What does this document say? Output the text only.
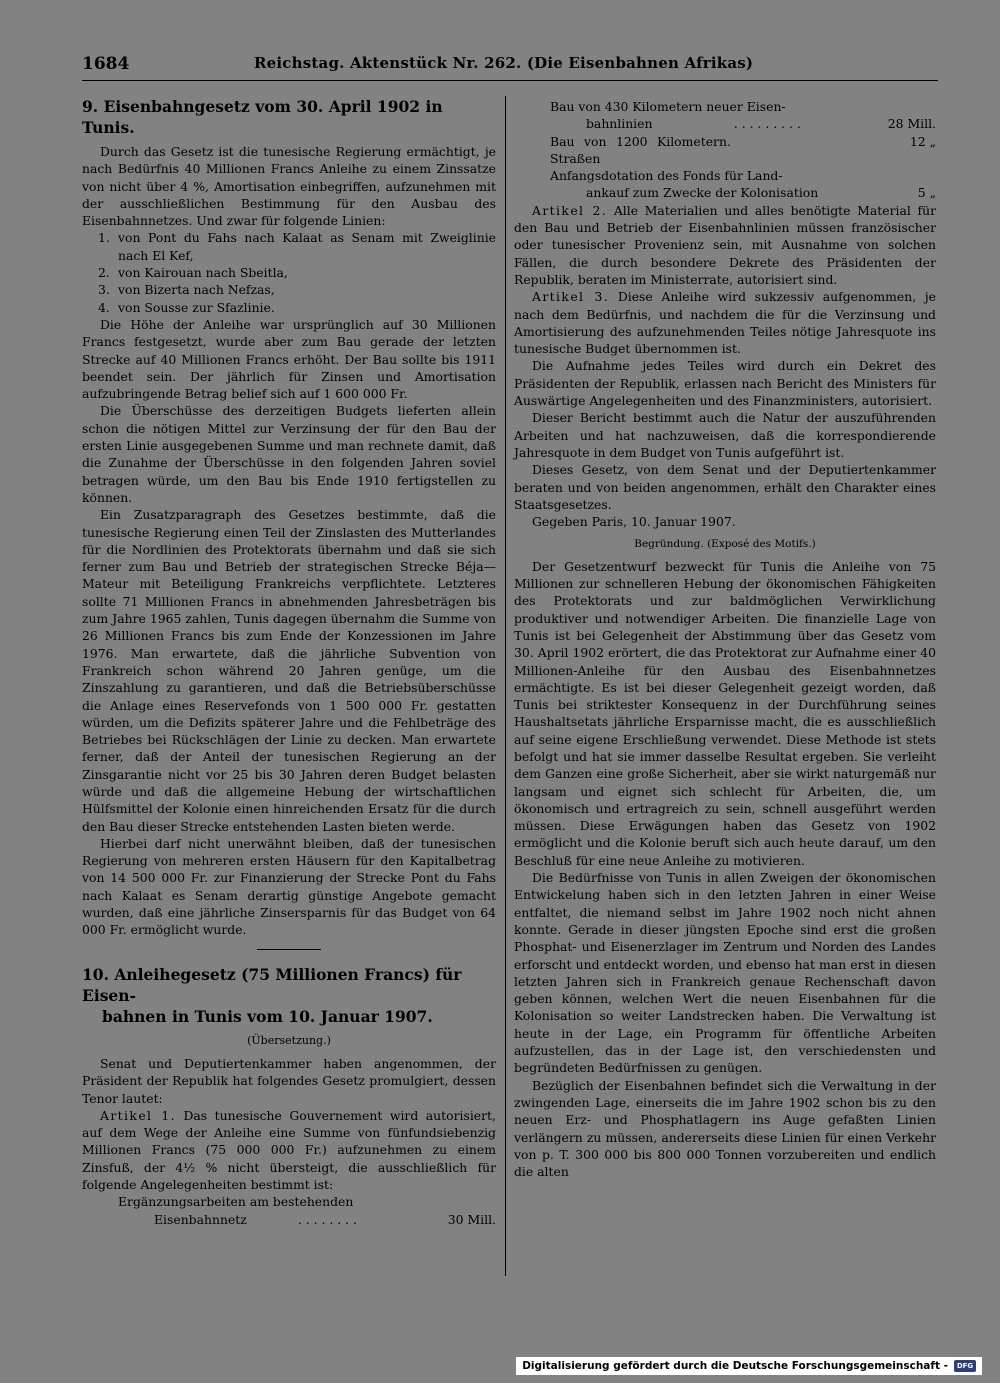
1684	Reichstag. Aktenstück Nr. 262. (Die Eisenbahnen Afrikas)
9. Eisenbahngesetz vom 30. April 1902 in Tunis.

Durch das Gesetz ist die tunesische Regierung ermächtigt, je nach Bedürfnis 40 Millionen Francs Anleihe zu einem Zinssatze von nicht über 4 %, Amortisation einbegriffen, aufzunehmen mit der ausschließlichen Bestimmung für den Ausbau des Eisenbahnnetzes. Und zwar für folgende Linien:

1. von Pont du Fahs nach Kalaat as Senam mit Zweiglinie nach El Kef,
2. von Kairouan nach Sbeitla,
3. von Bizerta nach Nefzas,
4. von Sousse zur Sfazlinie.

Die Höhe der Anleihe war ursprünglich auf 30 Millionen Francs festgesetzt, wurde aber zum Bau gerade der letzten Strecke auf 40 Millionen Francs erhöht. Der Bau sollte bis 1911 beendet sein. Der jährlich für Zinsen und Amortisation aufzubringende Betrag belief sich auf 1 600 000 Fr.

Die Überschüsse des derzeitigen Budgets lieferten allein schon die nötigen Mittel zur Verzinsung der für den Bau der ersten Linie ausgegebenen Summe und man rechnete damit, daß die Zunahme der Überschüsse in den folgenden Jahren soviel betragen würde, um den Bau bis Ende 1910 fertigstellen zu können.

Ein Zusatzparagraph des Gesetzes bestimmte, daß die tunesische Regierung einen Teil der Zinslasten des Mutterlandes für die Nordlinien des Protektorats übernahm und daß sie sich ferner zum Bau und Betrieb der strategischen Strecke Béja—Mateur mit Beteiligung Frankreichs verpflichtete. Letzteres sollte 71 Millionen Francs in abnehmenden Jahresbeträgen bis zum Jahre 1965 zahlen, Tunis dagegen übernahm die Summe von 26 Millionen Francs bis zum Ende der Konzessionen im Jahre 1976. Man erwartete, daß die jährliche Subvention von Frankreich schon während 20 Jahren genüge, um die Zinszahlung zu garantieren, und daß die Betriebsüberschüsse die Anlage eines Reservefonds von 1 500 000 Fr. gestatten würden, um die Defizits späterer Jahre und die Fehlbeträge des Betriebes bei Rückschlägen der Linie zu decken. Man erwartete ferner, daß der Anteil der tunesischen Regierung an der Zinsgarantie nicht vor 25 bis 30 Jahren deren Budget belasten würde und daß die allgemeine Hebung der wirtschaftlichen Hülfsmittel der Kolonie einen hinreichenden Ersatz für die durch den Bau dieser Strecke entstehenden Lasten bieten werde.

Hierbei darf nicht unerwähnt bleiben, daß der tunesischen Regierung von mehreren ersten Häusern für den Kapitalbetrag von 14 500 000 Fr. zur Finanzierung der Strecke Pont du Fahs nach Kalaat es Senam derartig günstige Angebote gemacht wurden, daß eine jährliche Zinsersparnis für das Budget von 64 000 Fr. ermöglicht wurde.

10. Anleihegesetz (75 Millionen Francs) für Eisen-
bahnen in Tunis vom 10. Januar 1907.
(Übersetzung.)

Senat und Deputiertenkammer haben angenommen, der Präsident der Republik hat folgendes Gesetz promulgiert, dessen Tenor lautet:

Artikel 1. Das tunesische Gouvernement wird autorisiert, auf dem Wege der Anleihe eine Summe von fünfundsiebenzig Millionen Francs (75 000 000 Fr.) aufzunehmen zu einem Zinsfuß, der 4½ % nicht übersteigt, die ausschließlich für folgende Angelegenheiten bestimmt ist:

Ergänzungsarbeiten am bestehenden
Eisenbahnnetz	. . . . . . . .	30 Mill.
Bau von 430 Kilometern neuer Eisen-
bahnlinien	. . . . . . . . .	28 Mill.
Bau von 1200 Kilometern Straßen
.	12 „
Anfangsdotation des Fonds für Land-
ankauf zum Zwecke der Kolonisation	5 „

Artikel 2. Alle Materialien und alles benötigte Material für den Bau und Betrieb der Eisenbahnlinien müssen französischer oder tunesischer Provenienz sein, mit Ausnahme von solchen Fällen, die durch besondere Dekrete des Präsidenten der Republik, beraten im Ministerrate, autorisiert sind.

Artikel 3. Diese Anleihe wird sukzessiv aufgenommen, je nach dem Bedürfnis, und nachdem die für die Verzinsung und Amortisierung des aufzunehmenden Teiles nötige Jahresquote ins tunesische Budget übernommen ist.

Die Aufnahme jedes Teiles wird durch ein Dekret des Präsidenten der Republik, erlassen nach Bericht des Ministers für Auswärtige Angelegenheiten und des Finanzministers, autorisiert.

Dieser Bericht bestimmt auch die Natur der auszuführenden Arbeiten und hat nachzuweisen, daß die korrespondierende Jahresquote in dem Budget von Tunis aufgeführt ist.

Dieses Gesetz, von dem Senat und der Deputiertenkammer beraten und von beiden angenommen, erhält den Charakter eines Staatsgesetzes.

Gegeben Paris, 10. Januar 1907.

Begründung. (Exposé des Motifs.)

Der Gesetzentwurf bezweckt für Tunis die Anleihe von 75 Millionen zur schnelleren Hebung der ökonomischen Fähigkeiten des Protektorats und zur baldmöglichen Verwirklichung produktiver und notwendiger Arbeiten. Die finanzielle Lage von Tunis ist bei Gelegenheit der Abstimmung über das Gesetz vom 30. April 1902 erörtert, die das Protektorat zur Aufnahme einer 40 Millionen-Anleihe für den Ausbau des Eisenbahnnetzes ermächtigte. Es ist bei dieser Gelegenheit gezeigt worden, daß Tunis bei striktester Konsequenz in der Durchführung seines Haushaltsetats jährliche Ersparnisse macht, die es ausschließlich auf seine eigene Erschließung verwendet. Diese Methode ist stets befolgt und hat sie immer dasselbe Resultat ergeben. Sie verleiht dem Ganzen eine große Sicherheit, aber sie wirkt naturgemäß nur langsam und eignet sich schlecht für Arbeiten, die, um ökonomisch und ertragreich zu sein, schnell ausgeführt werden müssen. Diese Erwägungen haben das Gesetz von 1902 ermöglicht und die Kolonie beruft sich auch heute darauf, um den Beschluß für eine neue Anleihe zu motivieren.

Die Bedürfnisse von Tunis in allen Zweigen der ökonomischen Entwickelung haben sich in den letzten Jahren in einer Weise entfaltet, die niemand selbst im Jahre 1902 noch nicht ahnen konnte. Gerade in dieser jüngsten Epoche sind erst die großen Phosphat- und Eisenerzlager im Zentrum und Norden des Landes erforscht und entdeckt worden, und ebenso hat man erst in diesen letzten Jahren sich in Frankreich genaue Rechenschaft davon geben können, welchen Wert die neuen Eisenbahnen für die Kolonisation so weiter Landstrecken haben. Die Verwaltung ist heute in der Lage, ein Programm für öffentliche Arbeiten aufzustellen, das in der Lage ist, den verschiedensten und begründeten Bedürfnissen zu genügen.

Bezüglich der Eisenbahnen befindet sich die Verwaltung in der zwingenden Lage, einerseits die im Jahre 1902 schon bis zu den neuen Erz- und Phosphatlagern ins Auge gefaßten Linien verlängern zu müssen, andererseits diese Linien für einen Verkehr von p. T. 300 000 bis 800 000 Tonnen vorzubereiten und endlich die alten

Digitalisierung gefördert durch die Deutsche Forschungsgemeinschaft -	DFG
